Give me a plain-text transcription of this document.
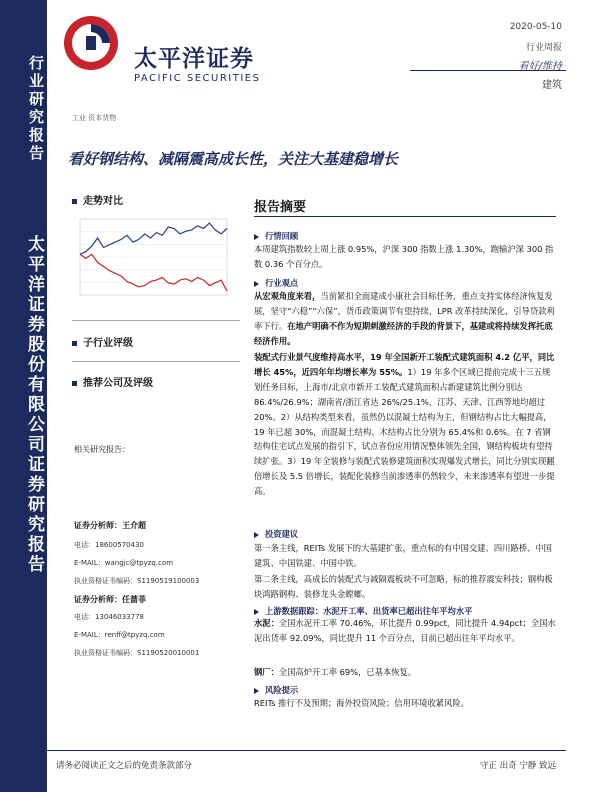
行业研究报告
太平洋证券股份有限公司证券研究报告
太平洋证券
PACIFIC SECURITIES
2020-05-10
行业周报
看好/维持
建筑
工业 资本货物
看好钢结构、减隔震高成长性，关注大基建稳增长
走势对比
子行业评级
推荐公司及评级
相关研究报告：
证券分析师：王介超
电话：18600570430
E-MAIL：wangjc@tpyzq.com
执业资格证书编码：S1190519100003
证券分析师：任蔷菲
电话：13046033778
E-MAIL：renff@tpyzq.com
执业资格证书编码：S1190520010001
报告摘要
行情回顾
本周建筑指数较上周上涨 0.95%，沪深 300 指数上涨 1.30%，跑输沪深 300 指数 0.36 个百分点。
行业观点
从宏观角度来看，当前紧扣全面建成小康社会目标任务，重点支持实体经济恢复发展，坚守“六稳”“六保”，货币政策调节有望持续，LPR 改革持续深化，引导贷款利率下行。在地产明确不作为短期刺激经济的手段的背景下，基建或将持续发挥托底经济作用。
装配式行业景气度维持高水平，19 年全国新开工装配式建筑面积 4.2 亿平，同比增长 45%，近四年年均增长率为 55%。1）19 年多个区域已提前完成十三五规划任务目标，上海市/北京市新开工装配式建筑面积占新建建筑比例分别达 86.4%/26.9%；湖南省/浙江省达 26%/25.1%，江苏、天津、江西等地均超过 20%。2）从结构类型来看，虽然仍以混凝土结构为主，但钢结构占比大幅提高，19 年已超 30%，而混凝土结构、木结构占比分别为 65.4%和 0.6%。在 7 省钢结构住宅试点发展的指引下，试点省份应用情况整体领先全国，钢结构板块有望持续扩张。3）19 年全装修与装配式装修建筑面积实现爆发式增长，同比分别实现翻倍增长及 5.5 倍增长，装配化装修当前渗透率仍然较少，未来渗透率有望进一步提高。
投资建议
第一条主线，REITs 发展下的大基建扩张，重点标的有中国交建、四川路桥、中国建筑、中国铁建、中国中铁。
第二条主线，高成长的装配式与减隔震板块不可忽略，标的推荐震安科技；钢构板块鸿路钢构、装修龙头金螳螂。
上游数据跟踪：水泥开工率、出货率已超出往年平均水平
水泥：全国水泥开工率 70.46%，环比提升 0.99pct，同比提升 4.94pct；全国水泥出货率 92.09%，同比提升 11 个百分点，目前已超出往年平均水平。
钢厂：全国高炉开工率 69%，已基本恢复。
风险提示
REITs 推行不及预期；海外投资风险；信用环境收紧风险。
请务必阅读正文之后的免责条款部分	守正 出奇 宁静 致远
